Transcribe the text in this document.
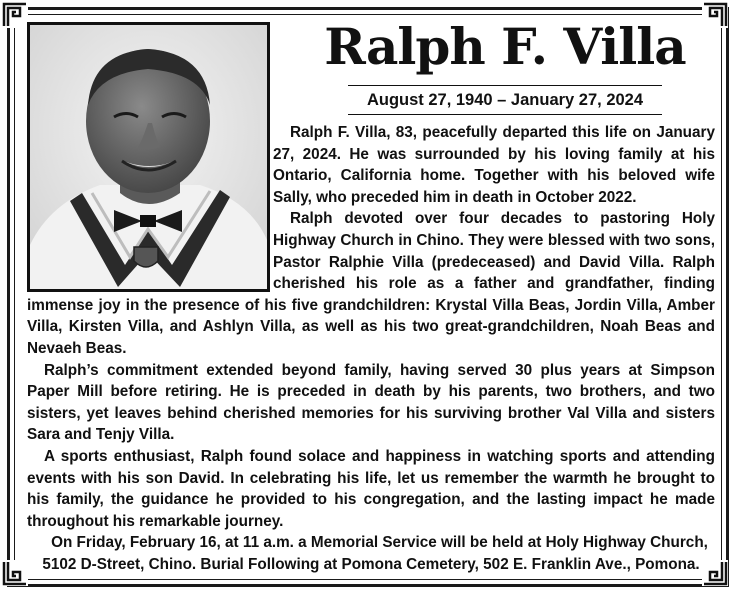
Ralph F. Villa
August 27, 1940 – January 27, 2024

Ralph F. Villa, 83, peacefully departed this life on January 27, 2024. He was surrounded by his loving family at his Ontario, California home. Together with his beloved wife Sally, who preceded him in death in October 2022.

Ralph devoted over four decades to pastoring Holy Highway Church in Chino. They were blessed with two sons, Pastor Ralphie Villa (predeceased) and David Villa. Ralph cherished his role as a father and grandfather, finding immense joy in the presence of his five grandchildren: Krystal Villa Beas, Jordin Villa, Amber Villa, Kirsten Villa, and Ashlyn Villa, as well as his two great-grandchildren, Noah Beas and Nevaeh Beas.

Ralph’s commitment extended beyond family, having served 30 plus years at Simpson Paper Mill before retiring. He is preceded in death by his parents, two brothers, and two sisters, yet leaves behind cherished memories for his surviving brother Val Villa and sisters Sara and Tenjy Villa.

A sports enthusiast, Ralph found solace and happiness in watching sports and attending events with his son David. In celebrating his life, let us remember the warmth he brought to his family, the guidance he provided to his congregation, and the lasting impact he made throughout his remarkable journey.

On Friday, February 16, at 11 a.m. a Memorial Service will be held at Holy Highway Church, 5102 D-Street, Chino. Burial Following at Pomona Cemetery, 502 E. Franklin Ave., Pomona.
